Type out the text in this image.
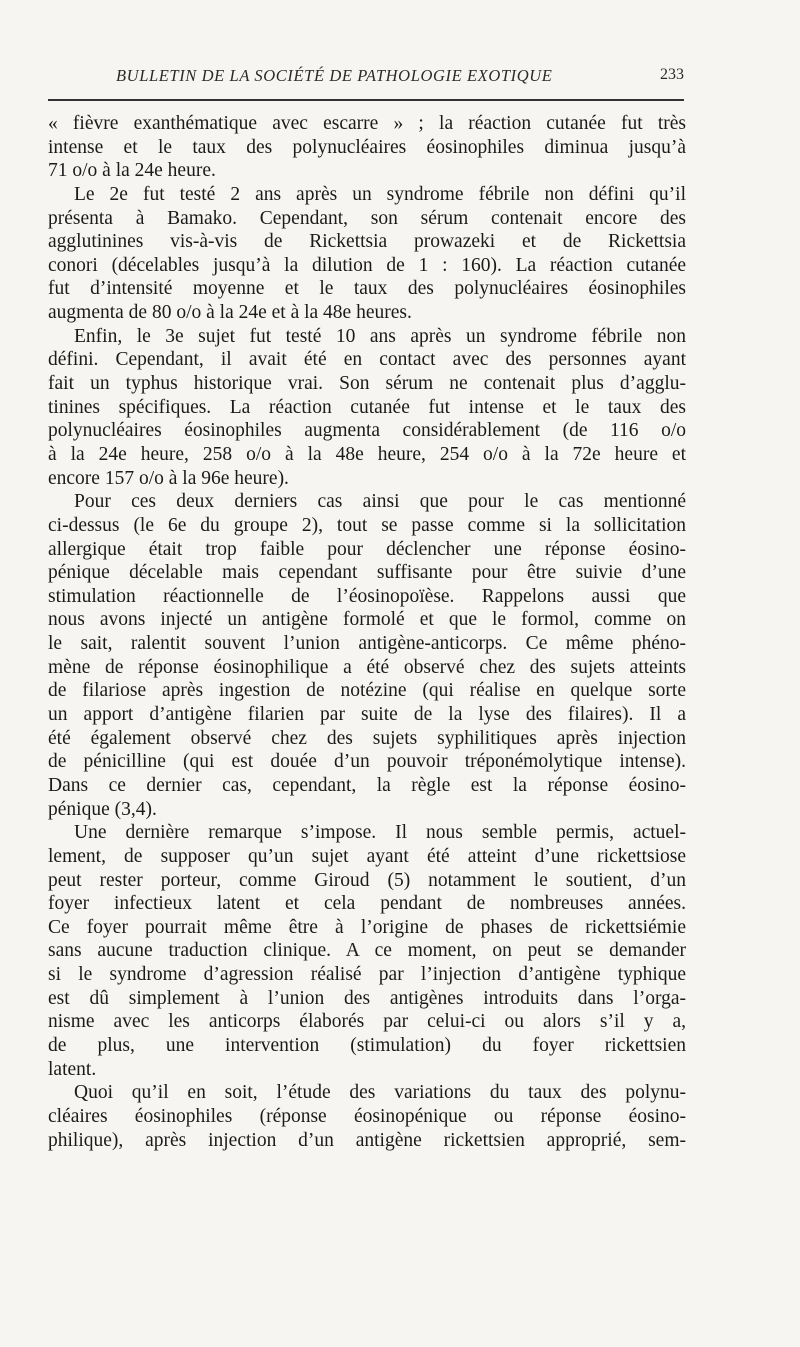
BULLETIN DE LA SOCIÉTÉ DE PATHOLOGIE EXOTIQUE	233
« fièvre exanthématique avec escarre » ; la réaction cutanée fut très
intense et le taux des polynucléaires éosinophiles diminua jusqu’à
71 o/o à la 24e heure.
Le 2e fut testé 2 ans après un syndrome fébrile non défini qu’il
présenta à Bamako. Cependant, son sérum contenait encore des
agglutinines vis-à-vis de Rickettsia prowazeki et de Rickettsia
conori (décelables jusqu’à la dilution de 1 : 160). La réaction cutanée
fut d’intensité moyenne et le taux des polynucléaires éosinophiles
augmenta de 80 o/o à la 24e et à la 48e heures.
Enfin, le 3e sujet fut testé 10 ans après un syndrome fébrile non
défini. Cependant, il avait été en contact avec des personnes ayant
fait un typhus historique vrai. Son sérum ne contenait plus d’agglu-
tinines spécifiques. La réaction cutanée fut intense et le taux des
polynucléaires éosinophiles augmenta considérablement (de 116 o/o
à la 24e heure, 258 o/o à la 48e heure, 254 o/o à la 72e heure et
encore 157 o/o à la 96e heure).
Pour ces deux derniers cas ainsi que pour le cas mentionné
ci-dessus (le 6e du groupe 2), tout se passe comme si la sollicitation
allergique était trop faible pour déclencher une réponse éosino-
pénique décelable mais cependant suffisante pour être suivie d’une
stimulation réactionnelle de l’éosinopoïèse. Rappelons aussi que
nous avons injecté un antigène formolé et que le formol, comme on
le sait, ralentit souvent l’union antigène-anticorps. Ce même phéno-
mène de réponse éosinophilique a été observé chez des sujets atteints
de filariose après ingestion de notézine (qui réalise en quelque sorte
un apport d’antigène filarien par suite de la lyse des filaires). Il a
été également observé chez des sujets syphilitiques après injection
de pénicilline (qui est douée d’un pouvoir tréponémolytique intense).
Dans ce dernier cas, cependant, la règle est la réponse éosino-
pénique (3,4).
Une dernière remarque s’impose. Il nous semble permis, actuel-
lement, de supposer qu’un sujet ayant été atteint d’une rickettsiose
peut rester porteur, comme Giroud (5) notamment le soutient, d’un
foyer infectieux latent et cela pendant de nombreuses années.
Ce foyer pourrait même être à l’origine de phases de rickettsiémie
sans aucune traduction clinique. A ce moment, on peut se demander
si le syndrome d’agression réalisé par l’injection d’antigène typhique
est dû simplement à l’union des antigènes introduits dans l’orga-
nisme avec les anticorps élaborés par celui-ci ou alors s’il y a,
de plus, une intervention (stimulation) du foyer rickettsien
latent.
Quoi qu’il en soit, l’étude des variations du taux des polynu-
cléaires éosinophiles (réponse éosinopénique ou réponse éosino-
philique), après injection d’un antigène rickettsien approprié, sem-
